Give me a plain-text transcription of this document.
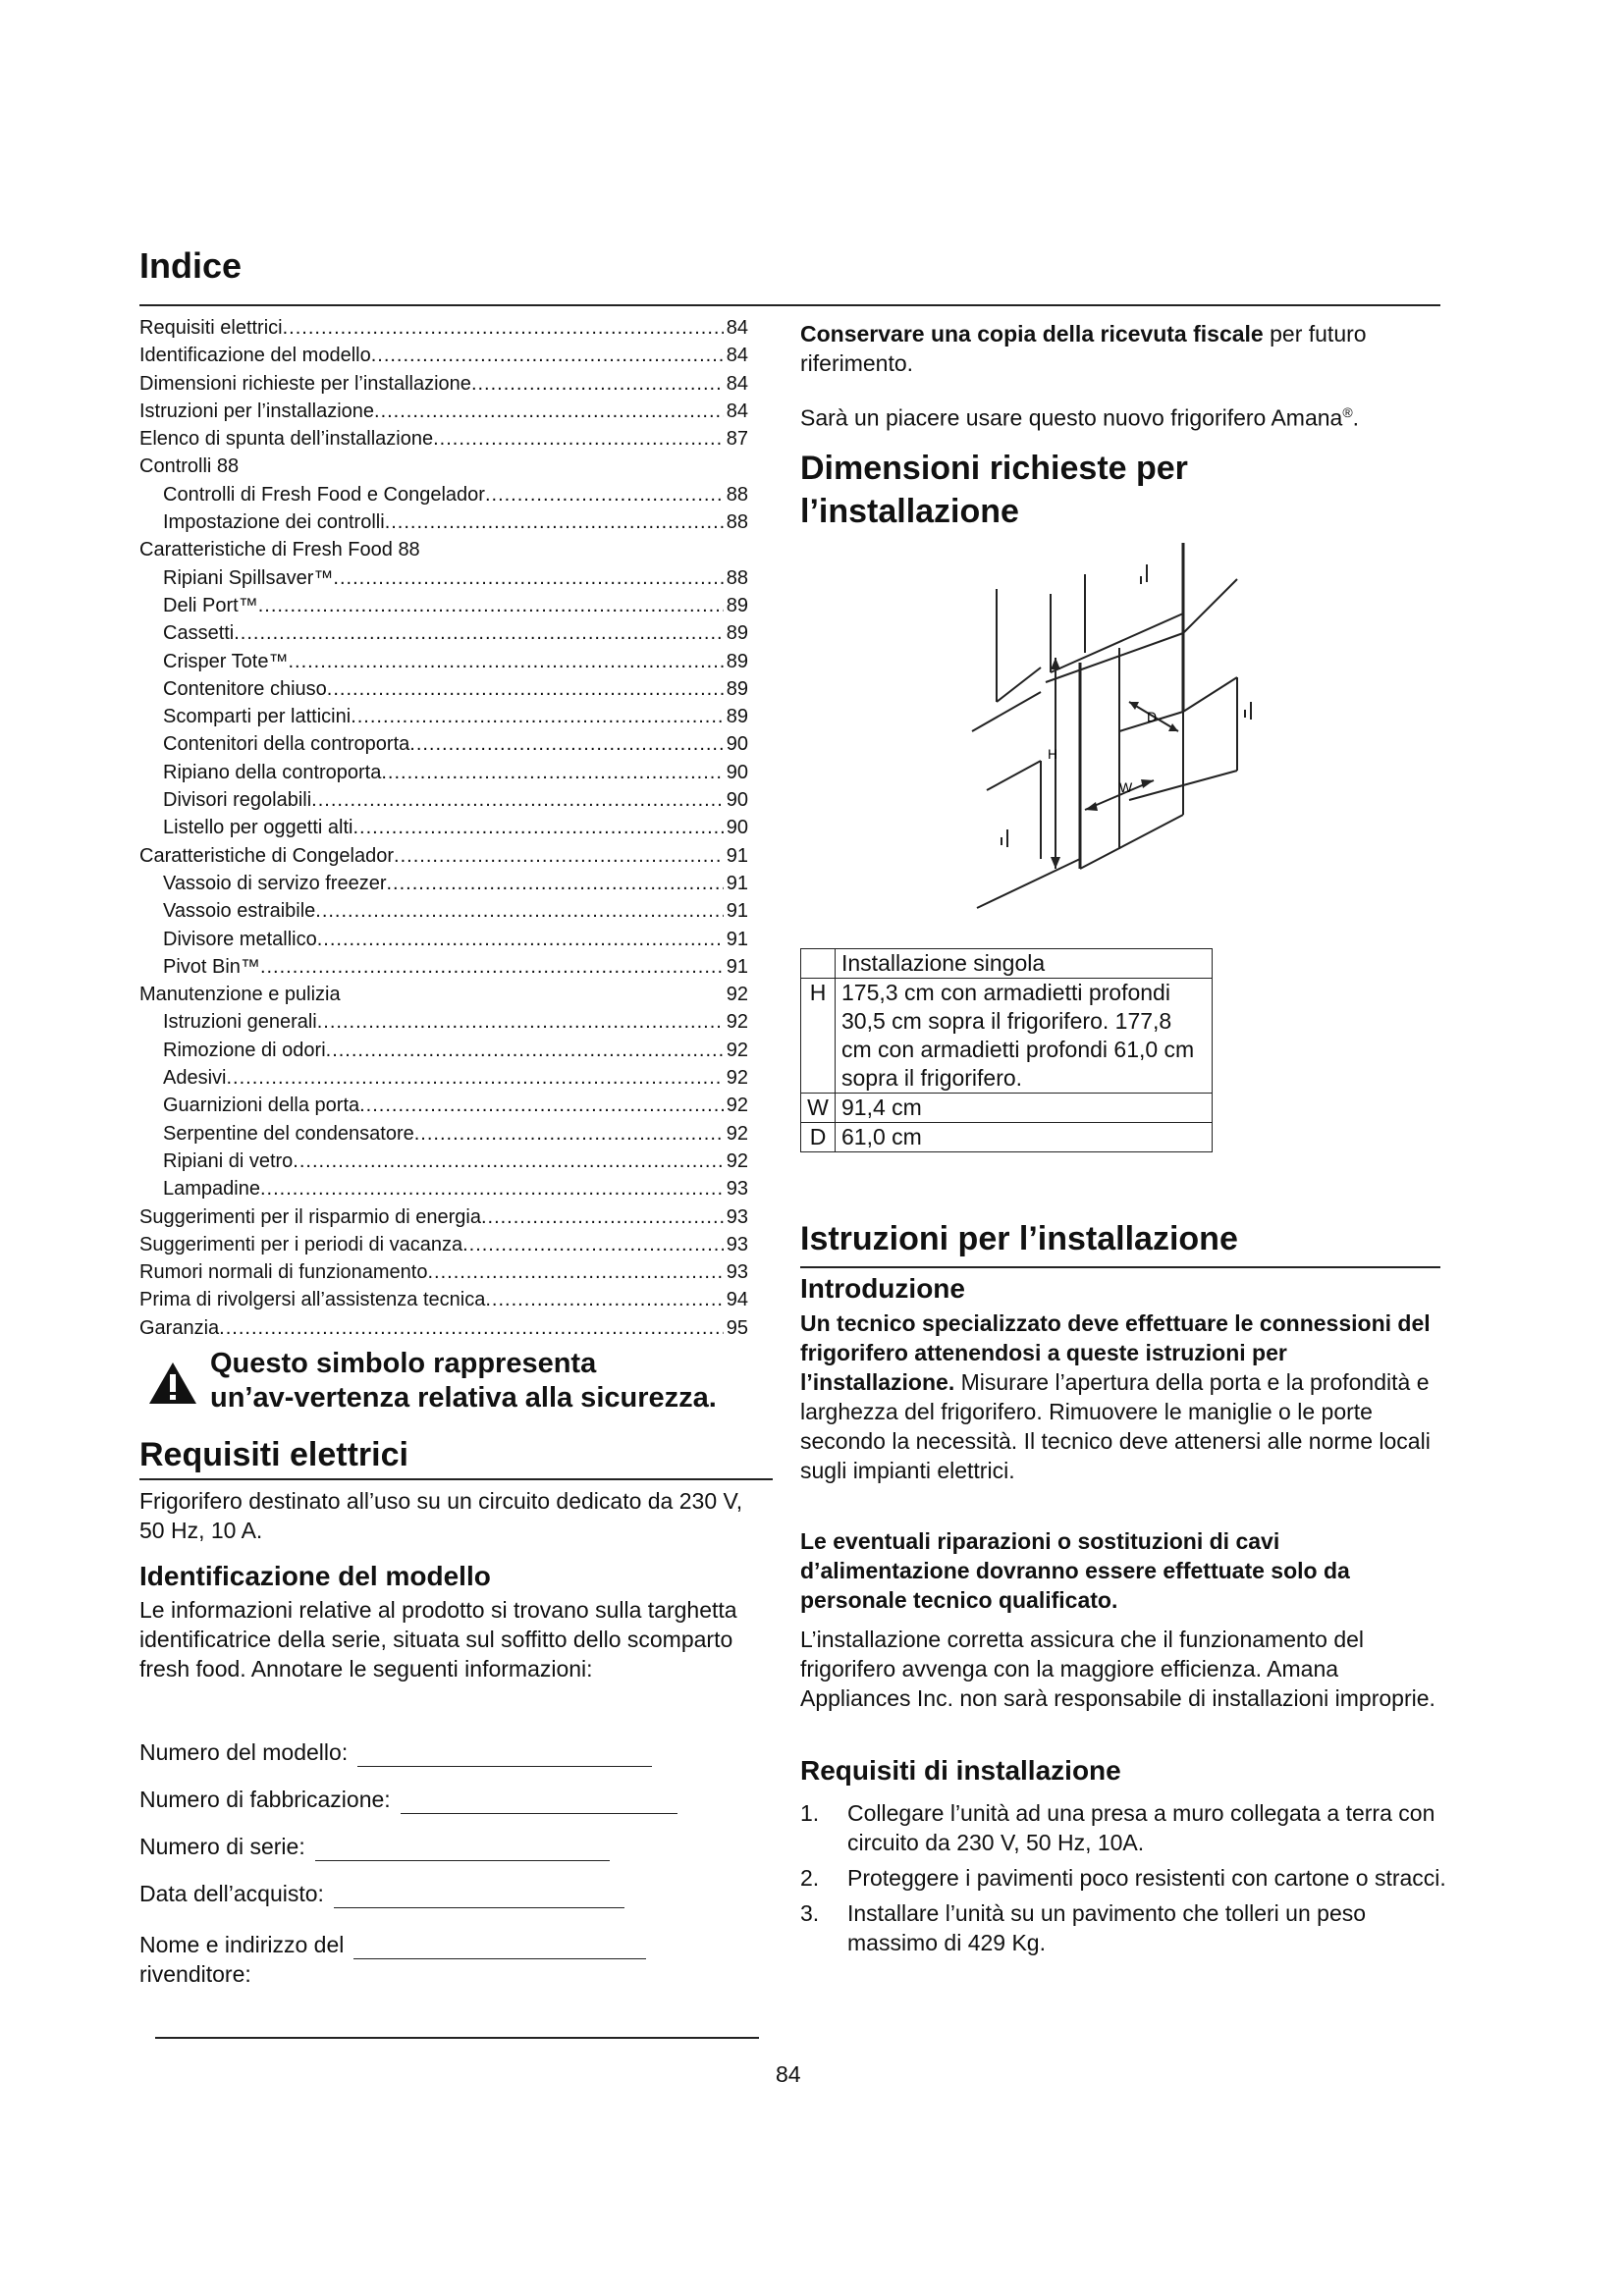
Indice
Requisiti elettrici .....	84
Identificazione del modello .....	84
Dimensioni richieste per l’installazione .....	84
Istruzioni per l’installazione .....	84
Elenco di spunta dell’installazione .....	87
Controlli 88
Controlli di Fresh Food e Congelador .....	88
Impostazione dei controlli .....	88
Caratteristiche di Fresh Food 88
Ripiani Spillsaver™ .....	88
Deli Port™ .....	89
Cassetti .....	89
Crisper Tote™ .....	89
Contenitore chiuso .....	89
Scomparti per latticini .....	89
Contenitori della controporta .....	90
Ripiano della controporta .....	90
Divisori regolabili .....	90
Listello per oggetti alti .....	90
Caratteristiche di Congelador .....	91
Vassoio di servizo freezer .....	91
Vassoio estraibile .....	91
Divisore metallico .....	91
Pivot Bin™ .....	91
Manutenzione e pulizia	92
Istruzioni generali .....	92
Rimozione di odori .....	92
Adesivi .....	92
Guarnizioni della porta .....	92
Serpentine del condensatore .....	92
Ripiani di vetro .....	92
Lampadine .....	93
Suggerimenti per il risparmio di energia .....	93
Suggerimenti per i periodi di vacanza .....	93
Rumori normali di funzionamento .....	93
Prima di rivolgersi all’assistenza tecnica .....	94
Garanzia .....	95
Questo simbolo rappresenta
un’av-vertenza relativa alla sicurezza.
Requisiti elettrici

Frigorifero destinato all’uso su un circuito dedicato da 230 V, 50 Hz, 10 A.

Identificazione del modello

Le informazioni relative al prodotto si trovano sulla targhetta identificatrice della serie, situata sul soffitto dello scomparto fresh food. Annotare le seguenti informazioni:

Numero del modello:
Numero di fabbricazione:
Numero di serie:
Data dell’acquisto:
Nome e indirizzo del
rivenditore:

Conservare una copia della ricevuta fiscale per futuro riferimento.

Sarà un piacere usare questo nuovo frigorifero Amana®.

Dimensioni richieste per
l’installazione
H
W
D
	Installazione singola
H	175,3 cm con armadietti profondi 30,5 cm sopra il frigorifero. 177,8 cm con armadietti profondi 61,0 cm sopra il frigorifero.
W	91,4 cm
D	61,0 cm
Istruzioni per l’installazione
Introduzione

Un tecnico specializzato deve effettuare le connessioni del frigorifero attenendosi a queste istruzioni per l’installazione. Misurare l’apertura della porta e la profondità e larghezza del frigorifero. Rimuovere le maniglie o le porte secondo la necessità. Il tecnico deve attenersi alle norme locali sugli impianti elettrici.

Le eventuali riparazioni o sostituzioni di cavi d’alimentazione dovranno essere effettuate solo da personale tecnico qualificato.

L’installazione corretta assicura che il funzionamento del frigorifero avvenga con la maggiore efficienza. Amana Appliances Inc. non sarà responsabile di installazioni improprie.

Requisiti di installazione
1.	Collegare l’unità ad una presa a muro collegata a terra con circuito da 230 V, 50 Hz, 10A.
2.	Proteggere i pavimenti poco resistenti con cartone o stracci.
3.	Installare l’unità su un pavimento che tolleri un peso massimo di 429 Kg.
84
